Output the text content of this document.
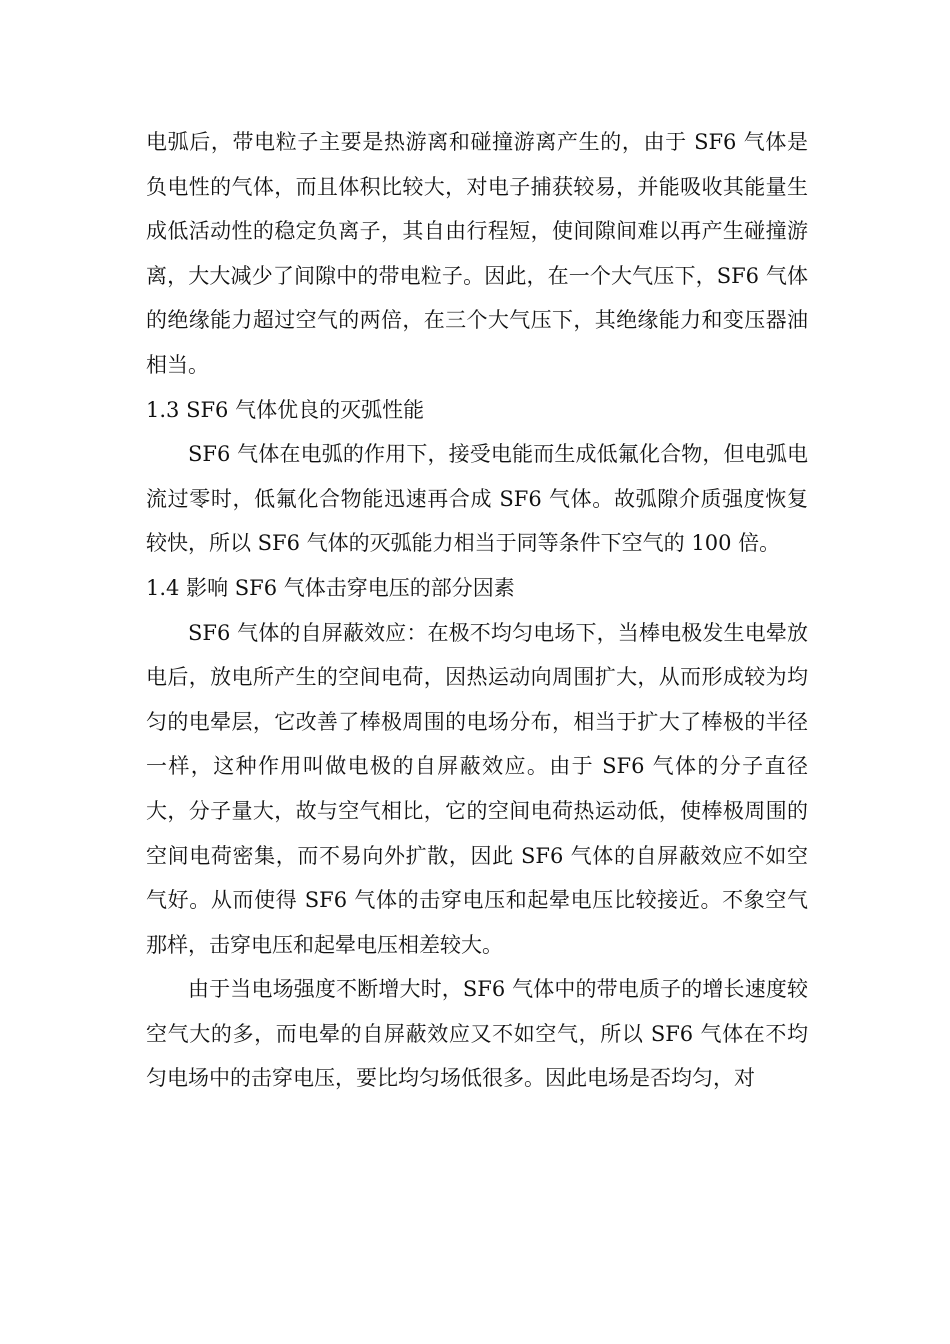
电弧后，带电粒子主要是热游离和碰撞游离产生的，由于 SF6 气体是负电性的气体，而且体积比较大，对电子捕获较易，并能吸收其能量生成低活动性的稳定负离子，其自由行程短，使间隙间难以再产生碰撞游离，大大减少了间隙中的带电粒子。因此，在一个大气压下，SF6 气体的绝缘能力超过空气的两倍，在三个大气压下，其绝缘能力和变压器油相当。

1.3 SF6 气体优良的灭弧性能

SF6 气体在电弧的作用下，接受电能而生成低氟化合物，但电弧电流过零时，低氟化合物能迅速再合成 SF6 气体。故弧隙介质强度恢复较快，所以 SF6 气体的灭弧能力相当于同等条件下空气的 100 倍。

1.4 影响 SF6 气体击穿电压的部分因素

SF6 气体的自屏蔽效应：在极不均匀电场下，当棒电极发生电晕放电后，放电所产生的空间电荷，因热运动向周围扩大，从而形成较为均匀的电晕层，它改善了棒极周围的电场分布，相当于扩大了棒极的半径一样，这种作用叫做电极的自屏蔽效应。由于 SF6 气体的分子直径大，分子量大，故与空气相比，它的空间电荷热运动低，使棒极周围的空间电荷密集，而不易向外扩散，因此 SF6 气体的自屏蔽效应不如空气好。从而使得 SF6 气体的击穿电压和起晕电压比较接近。不象空气那样，击穿电压和起晕电压相差较大。

由于当电场强度不断增大时，SF6 气体中的带电质子的增长速度较空气大的多，而电晕的自屏蔽效应又不如空气，所以 SF6 气体在不均匀电场中的击穿电压，要比均匀场低很多。因此电场是否均匀，对
